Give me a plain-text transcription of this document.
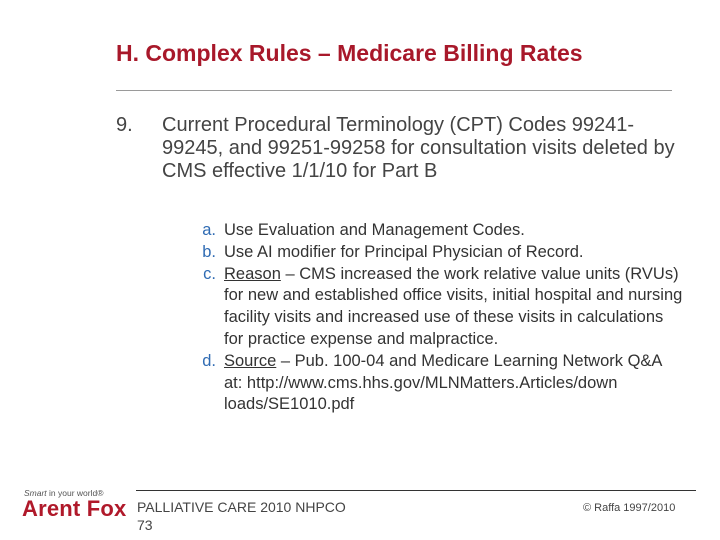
H. Complex Rules – Medicare Billing Rates
9. Current Procedural Terminology (CPT) Codes 99241-99245, and 99251-99258 for consultation visits deleted by CMS effective 1/1/10 for Part B
a. Use Evaluation and Management Codes.
b. Use AI modifier for Principal Physician of Record.
c. Reason – CMS increased the work relative value units (RVUs) for new and established office visits, initial hospital and nursing facility visits and increased use of these visits in calculations for practice expense and malpractice.
d. Source – Pub. 100-04 and Medicare Learning Network Q&A at: http://www.cms.hhs.gov/MLNMatters.Articles/down loads/SE1010.pdf
Smart in your world®
Arent Fox PALLIATIVE CARE 2010 NHPCO
73
© Raffa 1997/2010
